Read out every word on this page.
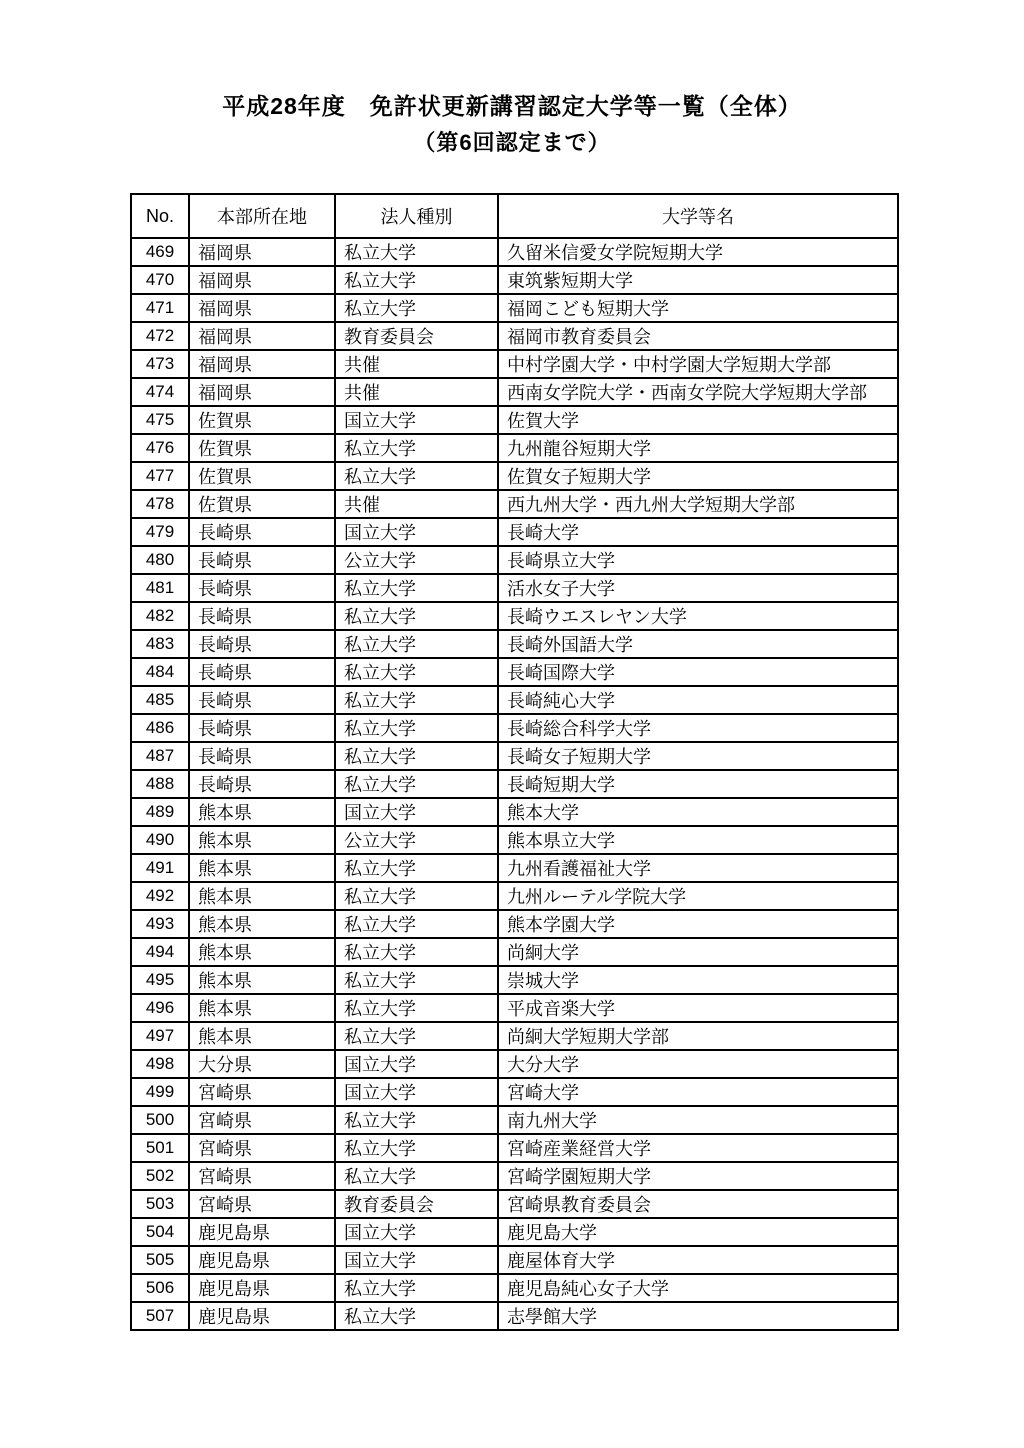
平成28年度　免許状更新講習認定大学等一覧（全体）
（第6回認定まで）
No.	本部所在地	法人種別	大学等名
469	福岡県	私立大学	久留米信愛女学院短期大学
470	福岡県	私立大学	東筑紫短期大学
471	福岡県	私立大学	福岡こども短期大学
472	福岡県	教育委員会	福岡市教育委員会
473	福岡県	共催	中村学園大学・中村学園大学短期大学部
474	福岡県	共催	西南女学院大学・西南女学院大学短期大学部
475	佐賀県	国立大学	佐賀大学
476	佐賀県	私立大学	九州龍谷短期大学
477	佐賀県	私立大学	佐賀女子短期大学
478	佐賀県	共催	西九州大学・西九州大学短期大学部
479	長崎県	国立大学	長崎大学
480	長崎県	公立大学	長崎県立大学
481	長崎県	私立大学	活水女子大学
482	長崎県	私立大学	長崎ウエスレヤン大学
483	長崎県	私立大学	長崎外国語大学
484	長崎県	私立大学	長崎国際大学
485	長崎県	私立大学	長崎純心大学
486	長崎県	私立大学	長崎総合科学大学
487	長崎県	私立大学	長崎女子短期大学
488	長崎県	私立大学	長崎短期大学
489	熊本県	国立大学	熊本大学
490	熊本県	公立大学	熊本県立大学
491	熊本県	私立大学	九州看護福祉大学
492	熊本県	私立大学	九州ルーテル学院大学
493	熊本県	私立大学	熊本学園大学
494	熊本県	私立大学	尚絅大学
495	熊本県	私立大学	崇城大学
496	熊本県	私立大学	平成音楽大学
497	熊本県	私立大学	尚絅大学短期大学部
498	大分県	国立大学	大分大学
499	宮崎県	国立大学	宮崎大学
500	宮崎県	私立大学	南九州大学
501	宮崎県	私立大学	宮崎産業経営大学
502	宮崎県	私立大学	宮崎学園短期大学
503	宮崎県	教育委員会	宮崎県教育委員会
504	鹿児島県	国立大学	鹿児島大学
505	鹿児島県	国立大学	鹿屋体育大学
506	鹿児島県	私立大学	鹿児島純心女子大学
507	鹿児島県	私立大学	志學館大学
